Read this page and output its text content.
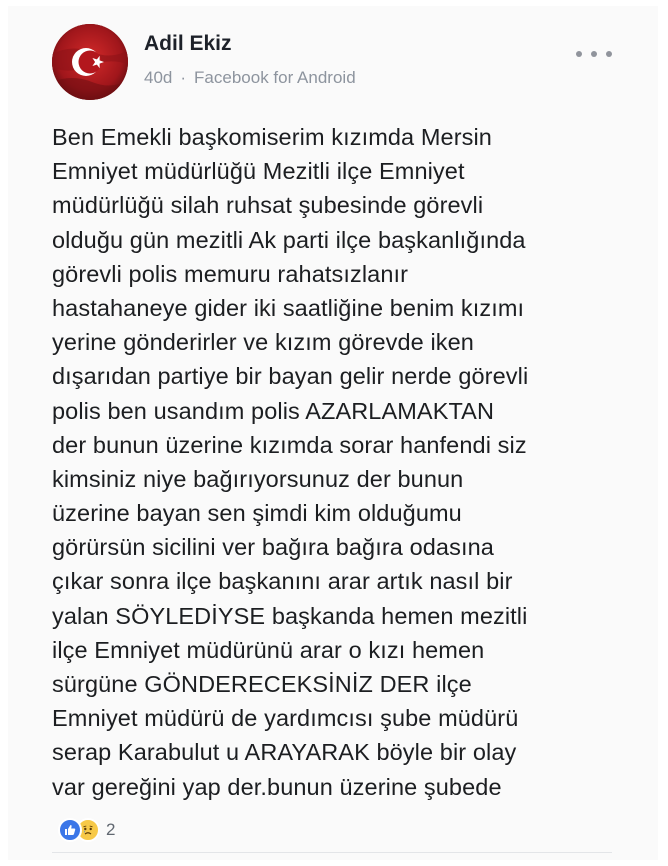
Adil Ekiz
40d · Facebook for Android
Ben Emekli başkomiserim kızımda Mersin
Emniyet müdürlüğü Mezitli ilçe Emniyet
müdürlüğü silah ruhsat şubesinde görevli
olduğu gün mezitli Ak parti ilçe başkanlığında
görevli polis memuru rahatsızlanır
hastahaneye gider iki saatliğine benim kızımı
yerine gönderirler ve kızım görevde iken
dışarıdan partiye bir bayan gelir nerde görevli
polis ben usandım polis AZARLAMAKTAN
der bunun üzerine kızımda sorar hanfendi siz
kimsiniz niye bağırıyorsunuz der bunun
üzerine bayan sen şimdi kim olduğumu
görürsün sicilini ver bağıra bağıra odasına
çıkar sonra ilçe başkanını arar artık nasıl bir
yalan SÖYLEDİYSE başkanda hemen mezitli
ilçe Emniyet müdürünü arar o kızı hemen
sürgüne GÖNDERECEKSİNİZ DER ilçe
Emniyet müdürü de yardımcısı şube müdürü
serap Karabulut u ARAYARAK böyle bir olay
var gereğini yap der.bunun üzerine şubede
2
